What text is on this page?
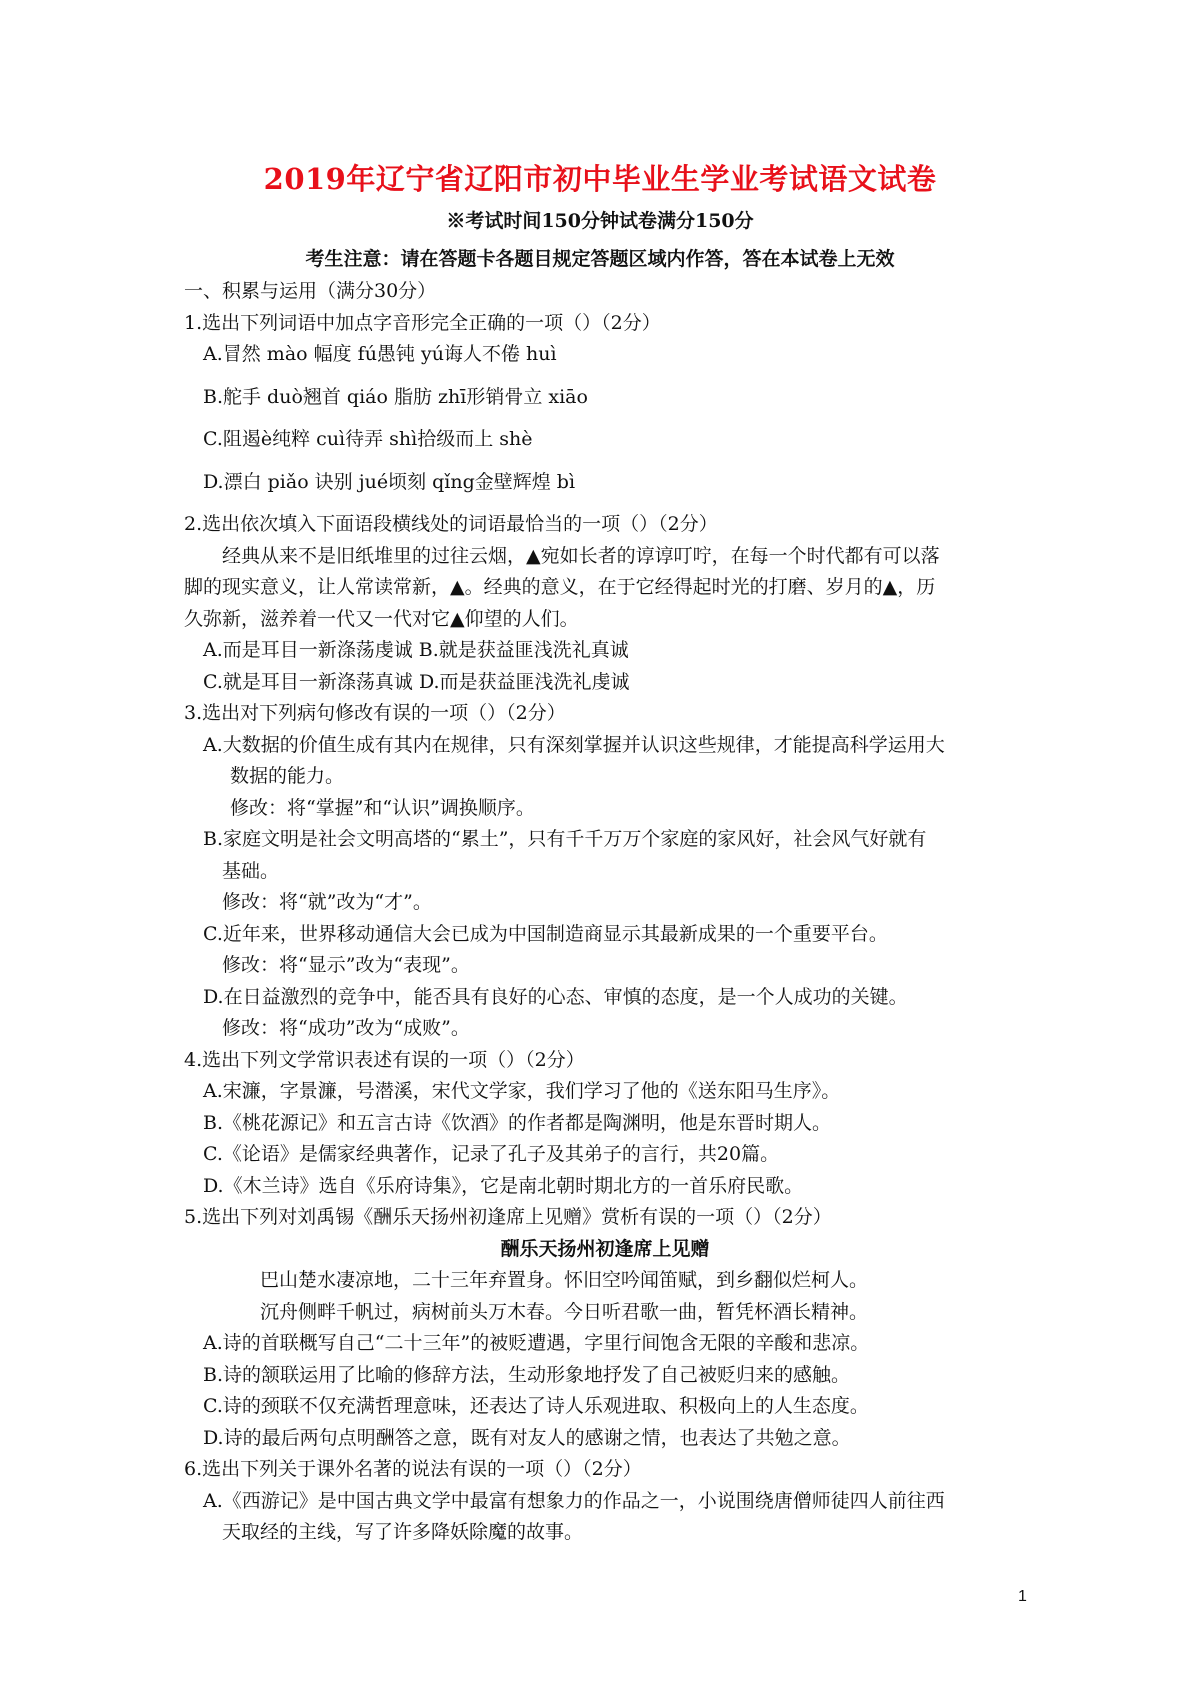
2019年辽宁省辽阳市初中毕业生学业考试语文试卷
※考试时间150分钟试卷满分150分
考生注意：请在答题卡各题目规定答题区域内作答，答在本试卷上无效
一、积累与运用（满分30分）
1.选出下列词语中加点字音形完全正确的一项（）（2分）
A.冒然 mào 幅度 fú愚钝 yú诲人不倦 huì
B.舵手 duò翘首 qiáo 脂肪 zhī形销骨立 xiāo
C.阻遏è纯粹 cuì待弄 shì拾级而上 shè
D.漂白 piǎo 诀别 jué顷刻 qǐng金壁辉煌 bì
2.选出依次填入下面语段横线处的词语最恰当的一项（）（2分）
经典从来不是旧纸堆里的过往云烟，▲宛如长者的谆谆叮咛，在每一个时代都有可以落
脚的现实意义，让人常读常新，▲。经典的意义，在于它经得起时光的打磨、岁月的▲，历
久弥新，滋养着一代又一代对它▲仰望的人们。
A.而是耳目一新涤荡虔诚 B.就是获益匪浅洗礼真诚
C.就是耳目一新涤荡真诚 D.而是获益匪浅洗礼虔诚
3.选出对下列病句修改有误的一项（）（2分）
A.大数据的价值生成有其内在规律，只有深刻掌握并认识这些规律，才能提高科学运用大
数据的能力。
修改：将“掌握”和“认识”调换顺序。
B.家庭文明是社会文明高塔的“累土”，只有千千万万个家庭的家风好，社会风气好就有
基础。
修改：将“就”改为“才”。
C.近年来，世界移动通信大会已成为中国制造商显示其最新成果的一个重要平台。
修改：将“显示”改为“表现”。
D.在日益激烈的竞争中，能否具有良好的心态、审慎的态度，是一个人成功的关键。
修改：将“成功”改为“成败”。
4.选出下列文学常识表述有误的一项（）（2分）
A.宋濂，字景濂，号潜溪，宋代文学家，我们学习了他的《送东阳马生序》。
B.《桃花源记》和五言古诗《饮酒》的作者都是陶渊明，他是东晋时期人。
C.《论语》是儒家经典著作，记录了孔子及其弟子的言行，共20篇。
D.《木兰诗》选自《乐府诗集》，它是南北朝时期北方的一首乐府民歌。
5.选出下列对刘禹锡《酬乐天扬州初逢席上见赠》赏析有误的一项（）（2分）
酬乐天扬州初逢席上见赠
巴山楚水凄凉地，二十三年弃置身。怀旧空吟闻笛赋，到乡翻似烂柯人。
沉舟侧畔千帆过，病树前头万木春。今日听君歌一曲，暂凭杯酒长精神。
A.诗的首联概写自己“二十三年”的被贬遭遇，字里行间饱含无限的辛酸和悲凉。
B.诗的颔联运用了比喻的修辞方法，生动形象地抒发了自己被贬归来的感触。
C.诗的颈联不仅充满哲理意味，还表达了诗人乐观进取、积极向上的人生态度。
D.诗的最后两句点明酬答之意，既有对友人的感谢之情，也表达了共勉之意。
6.选出下列关于课外名著的说法有误的一项（）（2分）
A.《西游记》是中国古典文学中最富有想象力的作品之一，小说围绕唐僧师徒四人前往西
天取经的主线，写了许多降妖除魔的故事。
1
